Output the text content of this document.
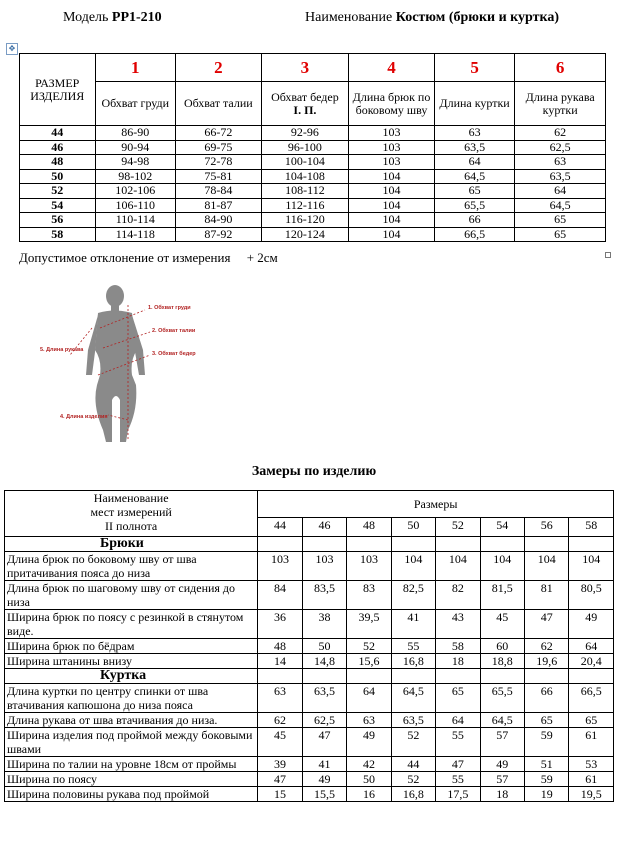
Модель PP1-210	Наименование Костюм (брюки и куртка)
✥
РАЗМЕР ИЗДЕЛИЯ	1	2	3	4	5	6
	Обхват груди	Обхват талии	Обхват бедер
I. П.	Длина брюк по боковому шву	Длина куртки	Длина рукава куртки
44	86-90	66-72	92-96	103	63	62
46	90-94	69-75	96-100	103	63,5	62,5
48	94-98	72-78	100-104	103	64	63
50	98-102	75-81	104-108	104	64,5	63,5
52	102-106	78-84	108-112	104	65	64
54	106-110	81-87	112-116	104	65,5	64,5
56	110-114	84-90	116-120	104	66	65
58	114-118	87-92	120-124	104	66,5	65
Допустимое отклонение от измерения + 2см
1. Обхват груди
2. Обхват талии
3. Обхват бедер
4. Длина изделия
5. Длина рукава
Замеры по изделию
Наименование
мест измерений
II полнота	Размеры							
	44	46	48	50	52	54	56	58
Брюки								
Длина брюк по боковому шву от шва притачивания пояса до низа	103	103	103	104	104	104	104	104
Длина брюк по шаговому шву от сидения до низа	84	83,5	83	82,5	82	81,5	81	80,5
Ширина брюк по поясу с резинкой в стянутом виде.	36	38	39,5	41	43	45	47	49
Ширина брюк по бёдрам	48	50	52	55	58	60	62	64
Ширина штанины внизу	14	14,8	15,6	16,8	18	18,8	19,6	20,4
Куртка								
Длина куртки по центру спинки от шва втачивания капюшона до низа пояса	63	63,5	64	64,5	65	65,5	66	66,5
Длина рукава от шва втачивания до низа.	62	62,5	63	63,5	64	64,5	65	65
Ширина изделия под проймой между боковыми швами	45	47	49	52	55	57	59	61
Ширина по талии на уровне 18см от проймы	39	41	42	44	47	49	51	53
Ширина по поясу	47	49	50	52	55	57	59	61
Ширина половины рукава под проймой	15	15,5	16	16,8	17,5	18	19	19,5
